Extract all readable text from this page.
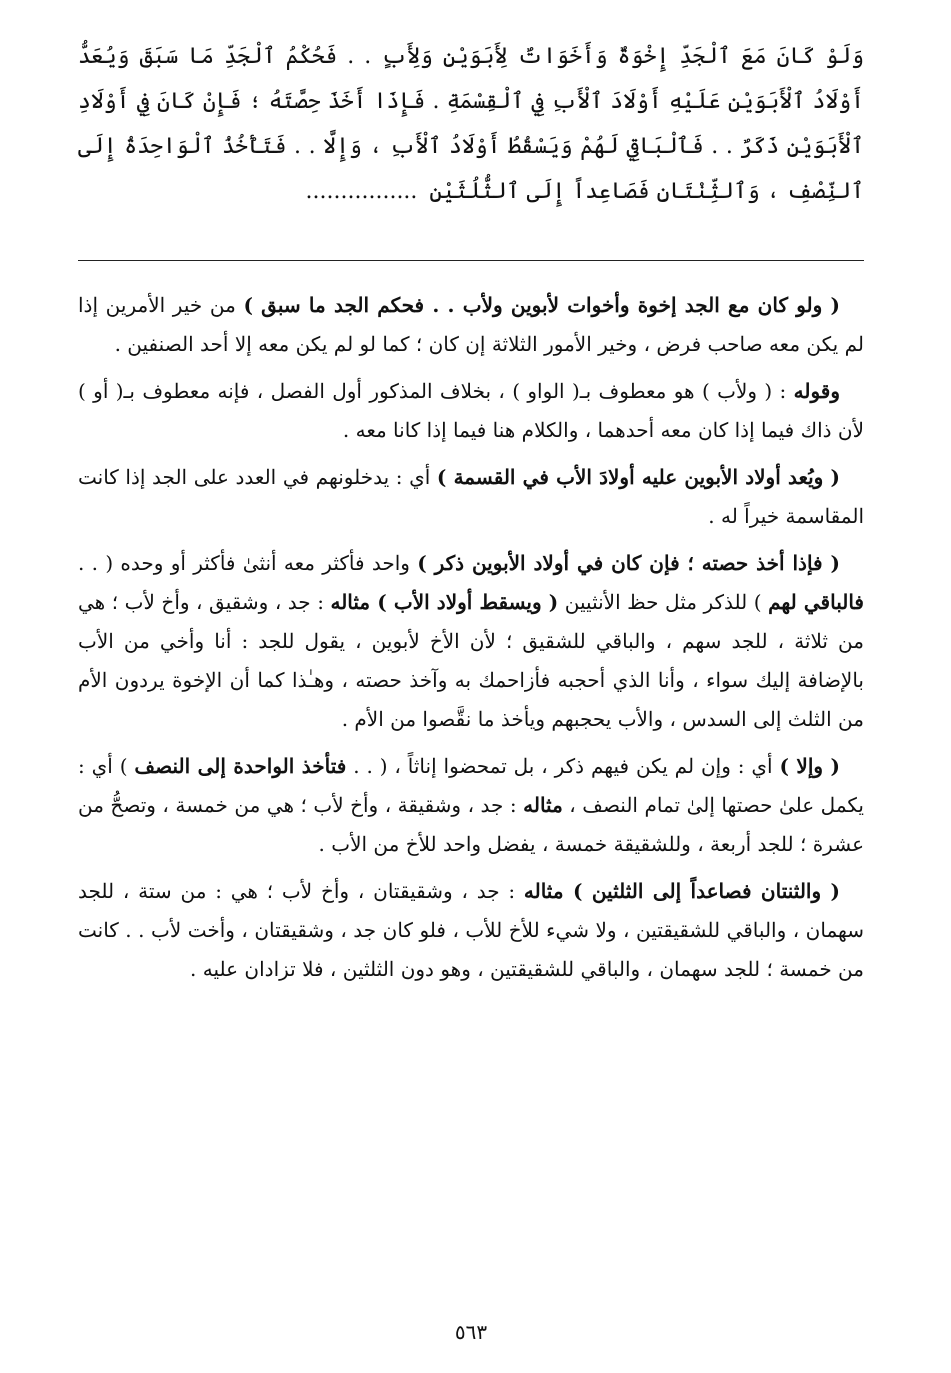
وَلَوْ كَانَ مَعَ ٱلْجَدِّ إِخْوَةٌ وَأَخَوَاتٌ لِأَبَوَيْنِ وَلِأَبٍ . . فَحُكْمُ ٱلْجَدِّ مَا سَبَقَ وَيُعَدُّ أَوْلَادُ ٱلْأَبَوَيْنِ عَلَيْهِ أَوْلَادَ ٱلْأَبِ فِي ٱلْقِسْمَةِ . فَإِذَا أَخَذَ حِصَّتَهُ ؛ فَإِنْ كَانَ فِي أَوْلَادِ ٱلْأَبَوَيْنِ ذَكَرٌ . . فَٱلْبَاقِي لَهُمْ وَيَسْقُطُ أَوْلَادُ ٱلْأَبِ ، وَإِلَّا . . فَتَأْخُذُ ٱلْوَاحِدَةُ إِلَى ٱلنِّصْفِ ، وَٱلثِّنْتَانِ فَصَاعِداً إِلَى ٱلثُّلُثَيْنِ................

( ولو كان مع الجد إخوة وأخوات لأبوين ولأب . . فحكم الجد ما سبق ) من خير الأمرين إذا لم يكن معه صاحب فرض ، وخير الأمور الثلاثة إن كان ؛ كما لو لم يكن معه إلا أحد الصنفين .

وقوله : ( ولأب ) هو معطوف بـ( الواو ) ، بخلاف المذكور أول الفصل ، فإنه معطوف بـ( أو ) لأن ذاك فيما إذا كان معه أحدهما ، والكلام هنا فيما إذا كانا معه .

( ويُعد أولاد الأبوين عليه أولادَ الأب في القسمة ) أي : يدخلونهم في العدد على الجد إذا كانت المقاسمة خيراً له .

( فإذا أخذ حصته ؛ فإن كان في أولاد الأبوين ذكر ) واحد فأكثر معه أنثىٰ فأكثر أو وحده ( . . فالباقي لهم ) للذكر مثل حظ الأنثيين ( ويسقط أولاد الأب ) مثاله : جد ، وشقيق ، وأخ لأب ؛ هي من ثلاثة ، للجد سهم ، والباقي للشقيق ؛ لأن الأخ لأبوين ، يقول للجد : أنا وأخي من الأب بالإضافة إليك سواء ، وأنا الذي أحجبه فأزاحمك به وآخذ حصته ، وهـٰذا كما أن الإخوة يردون الأم من الثلث إلى السدس ، والأب يحجبهم ويأخذ ما نقَّصوا من الأم .

( وإلا ) أي : وإن لم يكن فيهم ذكر ، بل تمحضوا إناثاً ، ( . . فتأخذ الواحدة إلى النصف ) أي : يكمل علىٰ حصتها إلىٰ تمام النصف ، مثاله : جد ، وشقيقة ، وأخ لأب ؛ هي من خمسة ، وتصحُّ من عشرة ؛ للجد أربعة ، وللشقيقة خمسة ، يفضل واحد للأخ من الأب .

( والثنتان فصاعداً إلى الثلثين ) مثاله : جد ، وشقيقتان ، وأخ لأب ؛ هي : من ستة ، للجد سهمان ، والباقي للشقيقتين ، ولا شيء للأخ للأب ، فلو كان جد ، وشقيقتان ، وأخت لأب . . كانت من خمسة ؛ للجد سهمان ، والباقي للشقيقتين ، وهو دون الثلثين ، فلا تزادان عليه .

٥٦٣
